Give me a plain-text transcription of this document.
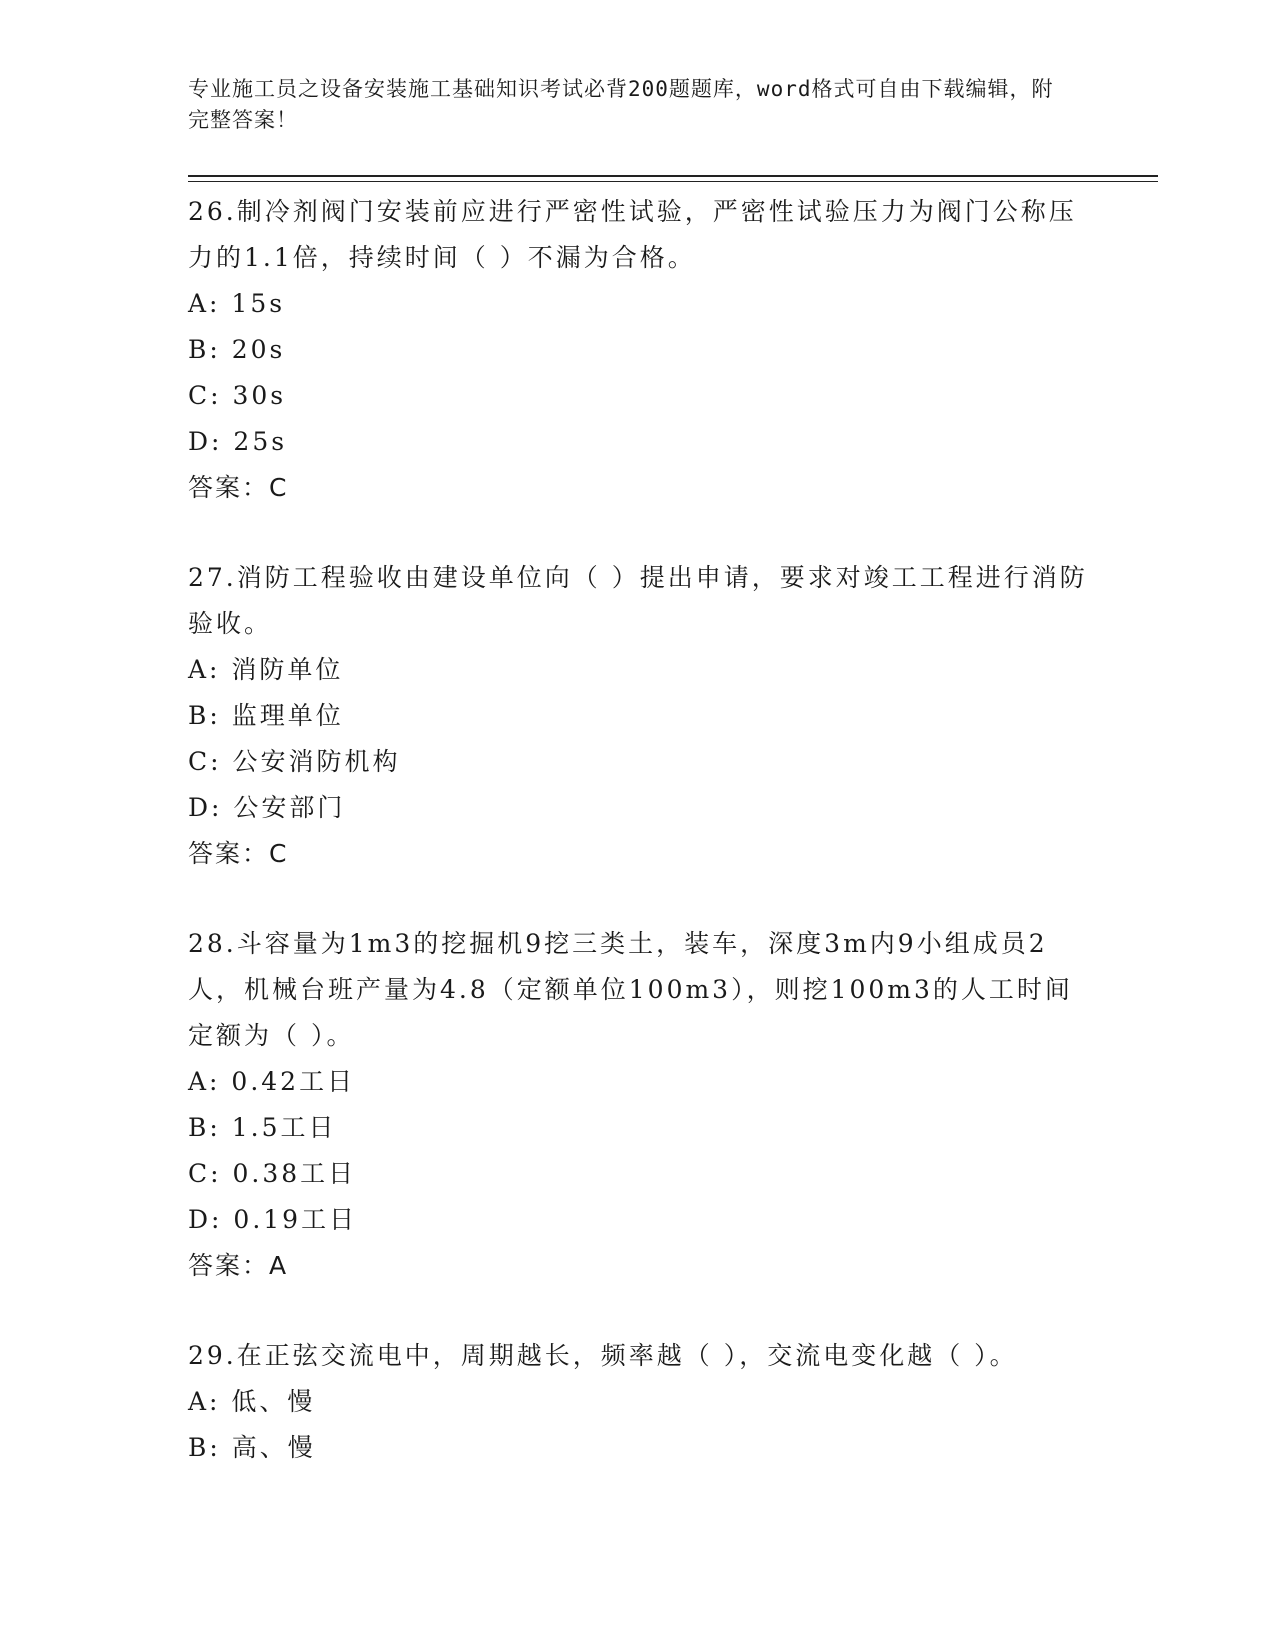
专业施工员之设备安装施工基础知识考试必背200题题库，word格式可自由下载编辑，附完整答案！
26.制冷剂阀门安装前应进行严密性试验，严密性试验压力为阀门公称压力的1.1倍，持续时间（ ）不漏为合格。
A: 15s
B: 20s
C: 30s
D: 25s
答案：C
27.消防工程验收由建设单位向（ ）提出申请，要求对竣工工程进行消防验收。
A: 消防单位
B: 监理单位
C: 公安消防机构
D: 公安部门
答案：C
28.斗容量为1m3的挖掘机9挖三类土，装车，深度3m内9小组成员2人，机械台班产量为4.8（定额单位100m3），则挖100m3的人工时间定额为（ ）。
A: 0.42工日
B: 1.5工日
C: 0.38工日
D: 0.19工日
答案：A
29.在正弦交流电中，周期越长，频率越（ ），交流电变化越（ ）。
A: 低、慢
B: 高、慢
